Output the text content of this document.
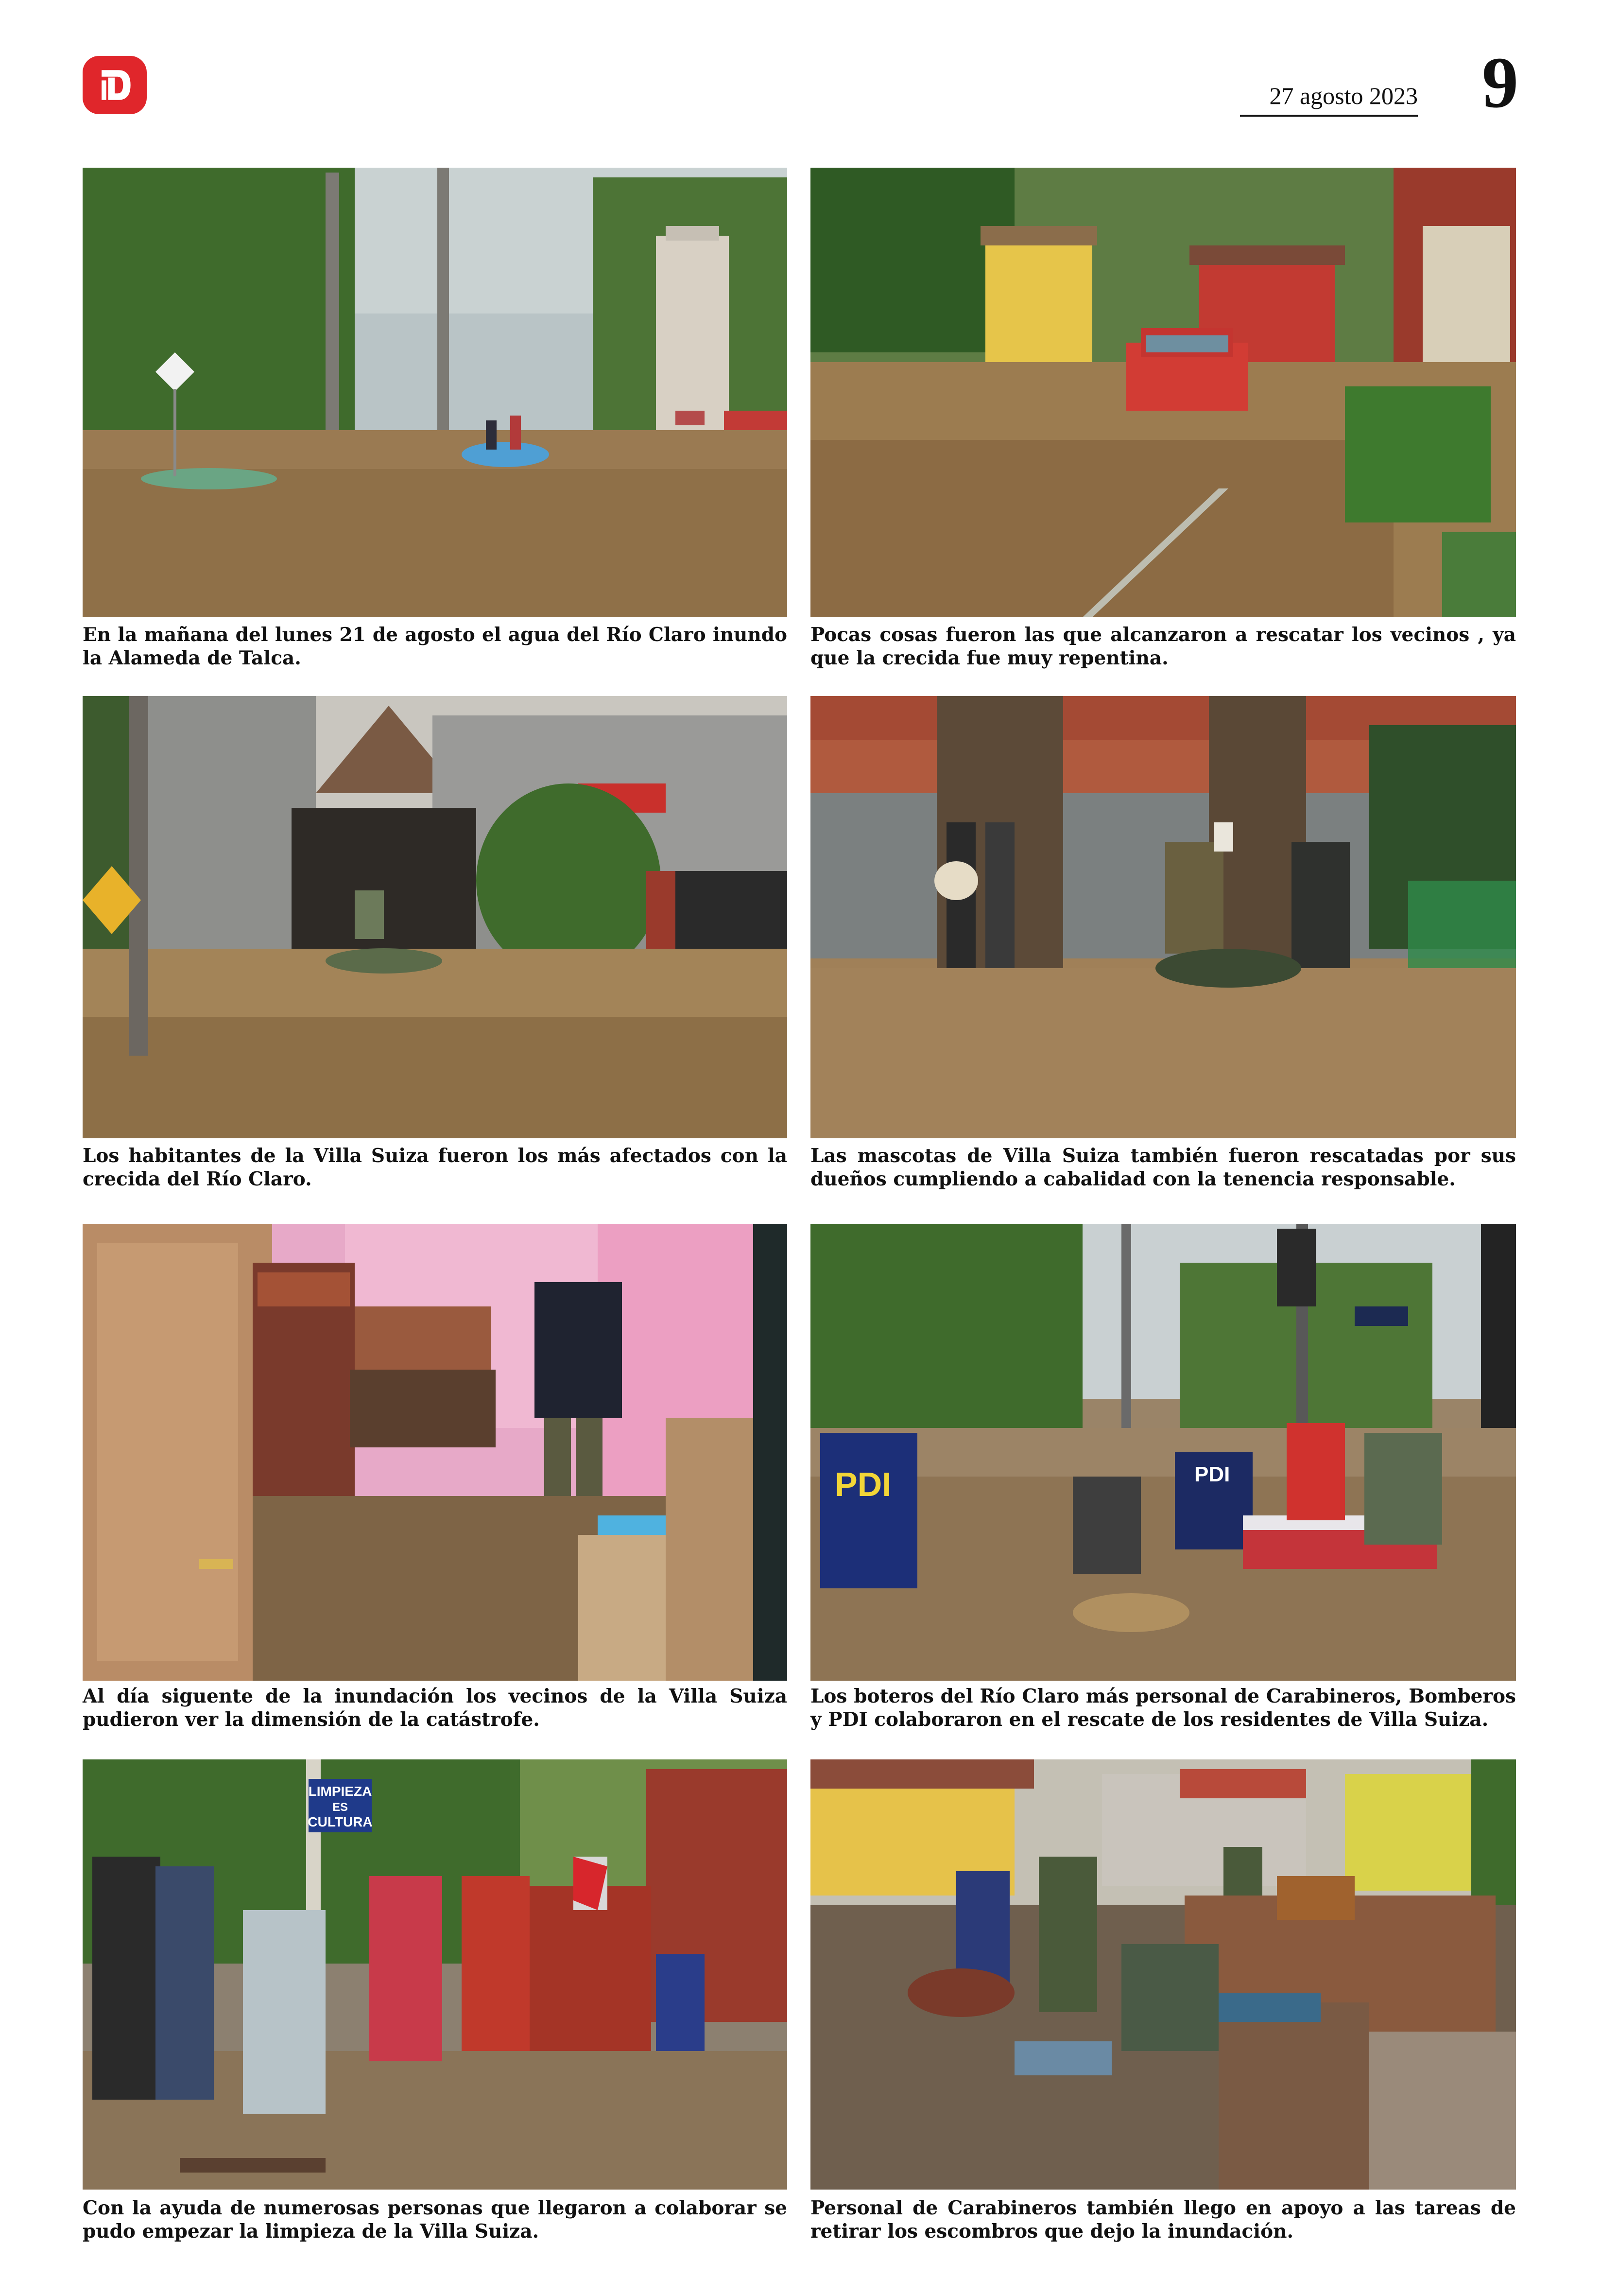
27 agosto 2023 9

En la mañana del lunes 21 de agosto el agua del Río Claro inundo la Alameda de Talca.

Pocas cosas fueron las que alcanzaron a rescatar los vecinos , ya que la crecida fue muy repentina.

Los habitantes de la Villa Suiza fueron los más afectados con la crecida del Río Claro.

Las mascotas de Villa Suiza también fueron rescatadas por sus dueños cumpliendo a cabalidad con la tenencia responsable.

PDI	PDI

Al día siguente de la inundación los vecinos de la Villa Suiza pudieron ver la dimensión de la catástrofe.

Los boteros del Río Claro más personal de Carabineros, Bomberos y PDI colaboraron en el rescate de los residentes de Villa Suiza.

LIMPIEZA
ES
CULTURA

Con la ayuda de numerosas personas que llegaron a colaborar se pudo empezar la limpieza de la Villa Suiza.

Personal de Carabineros también llego en apoyo a las tareas de retirar los escombros que dejo la inundación.
